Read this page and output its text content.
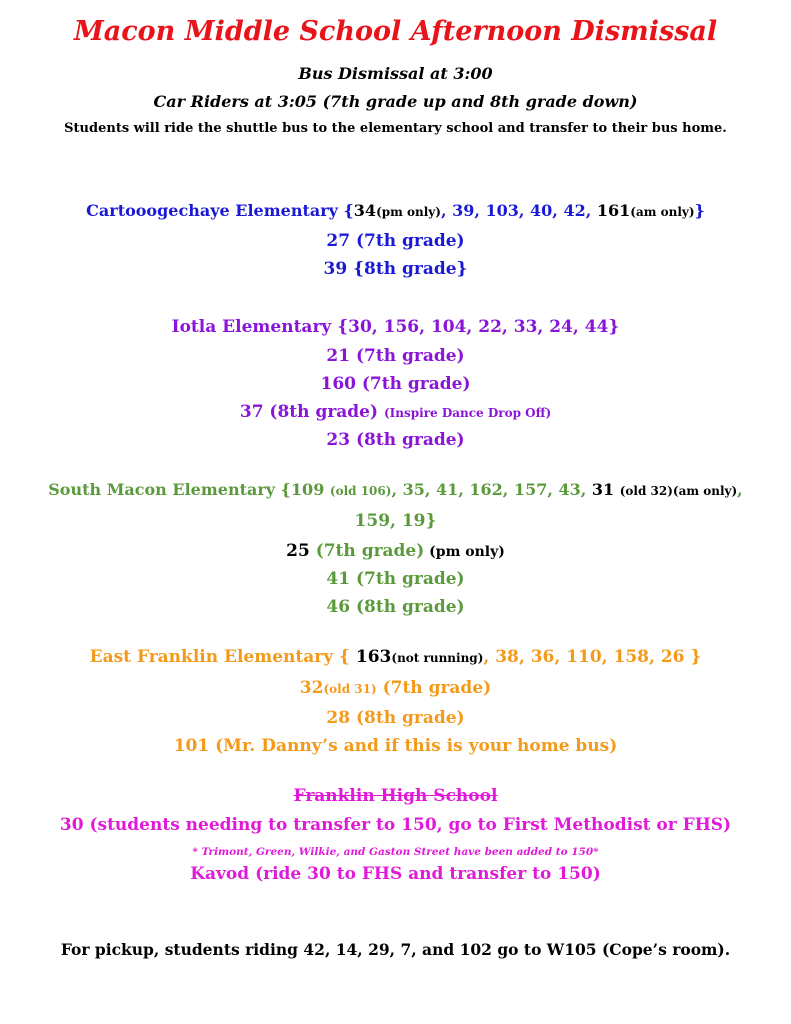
Macon Middle School Afternoon Dismissal
Bus Dismissal at 3:00
Car Riders at 3:05 (7th grade up and 8th grade down)
Students will ride the shuttle bus to the elementary school and transfer to their bus home.
Cartooogechaye Elementary {34(pm only), 39, 103, 40, 42, 161(am only)}
27 (7th grade)
39 {8th grade}
Iotla Elementary {30, 156, 104, 22, 33, 24, 44}
21 (7th grade)
160 (7th grade)
37 (8th grade) (Inspire Dance Drop Off)
23 (8th grade)
South Macon Elementary {109 (old 106), 35, 41, 162, 157, 43, 31 (old 32)(am only),
159, 19}
25 (7th grade) (pm only)
41 (7th grade)
46 (8th grade)
East Franklin Elementary { 163(not running), 38, 36, 110, 158, 26 }
32(old 31) (7th grade)
28 (8th grade)
101 (Mr. Danny’s and if this is your home bus)
Franklin High School
30 (students needing to transfer to 150, go to First Methodist or FHS)
* Trimont, Green, Wilkie, and Gaston Street have been added to 150*
Kavod (ride 30 to FHS and transfer to 150)
For pickup, students riding 42, 14, 29, 7, and 102 go to W105 (Cope’s room).
